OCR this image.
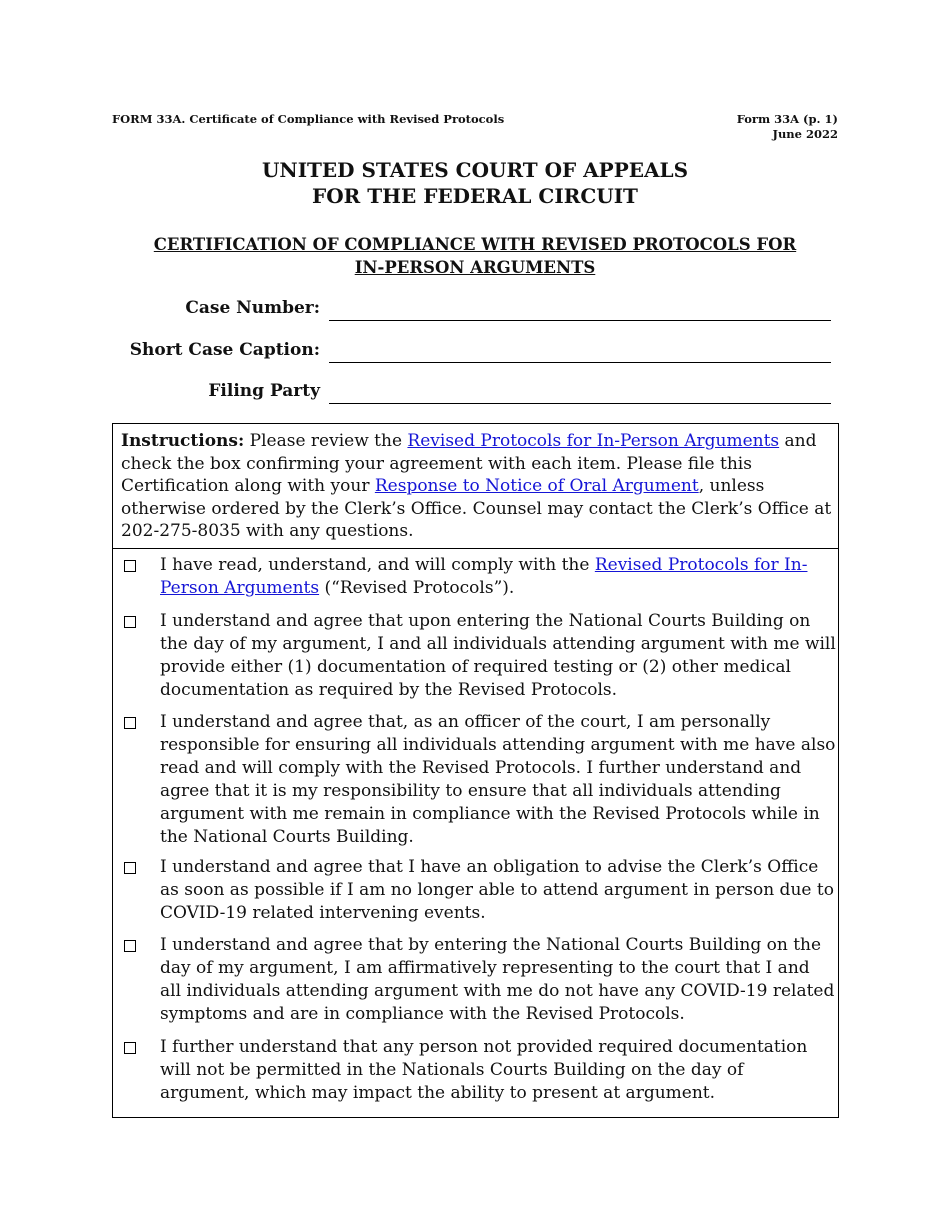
FORM 33A. Certificate of Compliance with Revised Protocols	Form 33A (p. 1)
June 2022
UNITED STATES COURT OF APPEALS
FOR THE FEDERAL CIRCUIT
CERTIFICATION OF COMPLIANCE WITH REVISED PROTOCOLS FOR
IN-PERSON ARGUMENTS
Case Number:
Short Case Caption:
Filing Party
Instructions: Please review the Revised Protocols for In-Person Arguments and check the box confirming your agreement with each item. Please file this Certification along with your Response to Notice of Oral Argument, unless otherwise ordered by the Clerk’s Office. Counsel may contact the Clerk’s Office at 202-275-8035 with any questions.
I have read, understand, and will comply with the Revised Protocols for In-Person Arguments (“Revised Protocols”).
I understand and agree that upon entering the National Courts Building on the day of my argument, I and all individuals attending argument with me will provide either (1) documentation of required testing or (2) other medical documentation as required by the Revised Protocols.
I understand and agree that, as an officer of the court, I am personally responsible for ensuring all individuals attending argument with me have also read and will comply with the Revised Protocols. I further understand and agree that it is my responsibility to ensure that all individuals attending argument with me remain in compliance with the Revised Protocols while in the National Courts Building.
I understand and agree that I have an obligation to advise the Clerk’s Office as soon as possible if I am no longer able to attend argument in person due to COVID-19 related intervening events.
I understand and agree that by entering the National Courts Building on the day of my argument, I am affirmatively representing to the court that I and all individuals attending argument with me do not have any COVID-19 related symptoms and are in compliance with the Revised Protocols.
I further understand that any person not provided required documentation will not be permitted in the Nationals Courts Building on the day of argument, which may impact the ability to present at argument.
